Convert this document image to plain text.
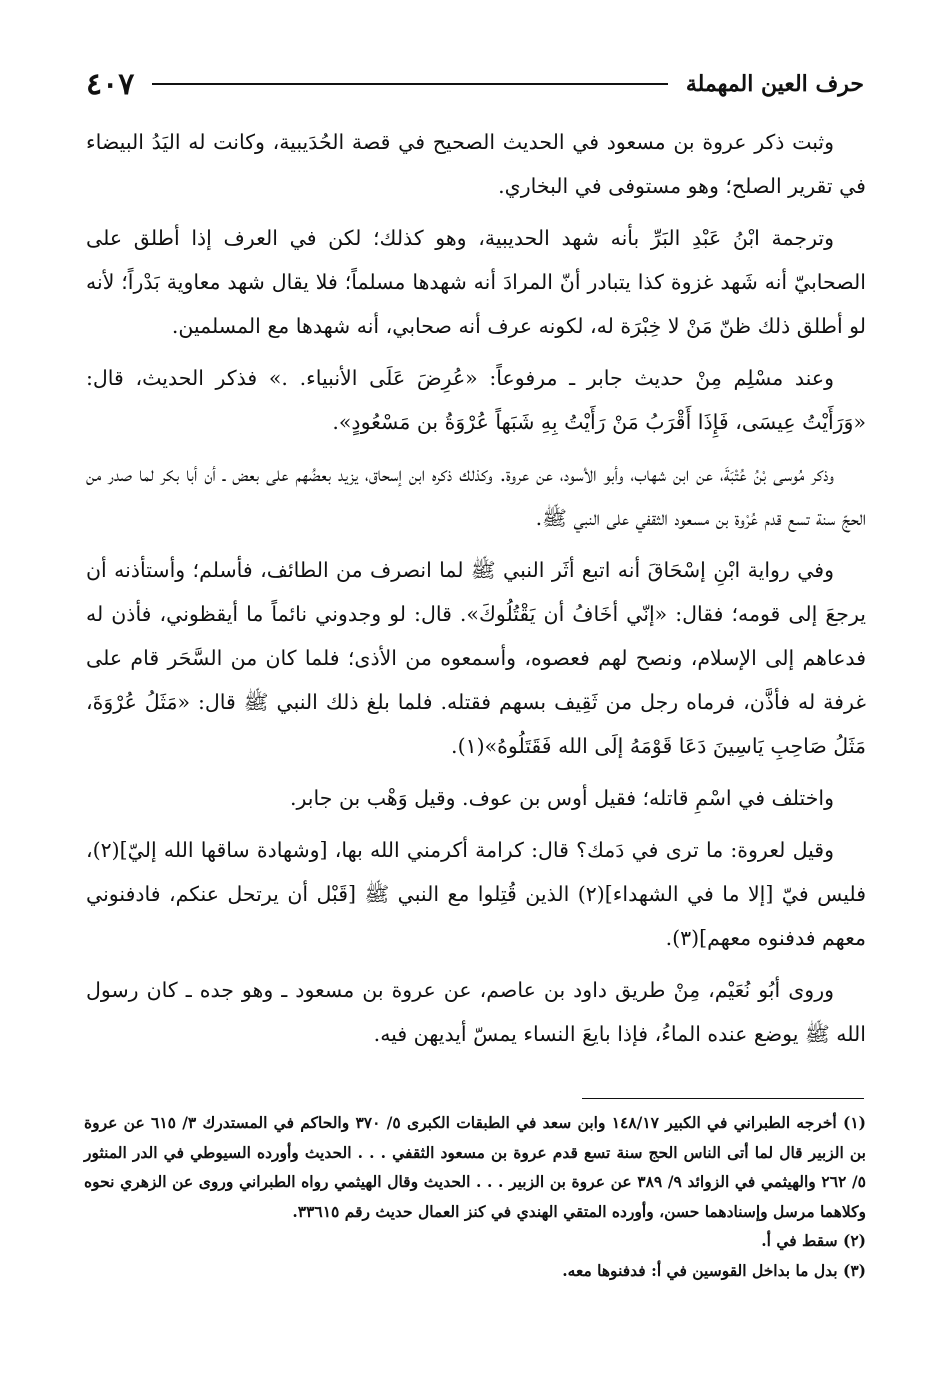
حرف العين المهملة
٤٠٧

وثبت ذكر عروة بن مسعود في الحديث الصحيح في قصة الحُدَيبية، وكانت له اليَدُ البيضاء في تقرير الصلح؛ وهو مستوفى في البخاري.

وترجمة ابْنُ عَبْدِ البَرِّ بأنه شهد الحديبية، وهو كذلك؛ لكن في العرف إذا أطلق على الصحابيّ أنه شَهد غزوة كذا يتبادر أنّ المرادَ أنه شهدها مسلماً؛ فلا يقال شهد معاوية بَدْراً؛ لأنه لو أطلق ذلك ظنّ مَنْ لا خِبْرَة له، لكونه عرف أنه صحابي، أنه شهدها مع المسلمين.

وعند مسْلِم مِنْ حديث جابر ـ مرفوعاً: «عُرِضَ عَلَى الأنبياء. .» فذكر الحديث، قال: «وَرَأَيْتُ عِيسَى، فَإِذَا أَقْرَبُ مَنْ رَأَيْتُ بِهِ شَبَهاً عُرْوَةُ بن مَسْعُودٍ».

وذكر مُوسى بْنُ عُتْبَةَ، عن ابن شهاب، وأبو الأسود، عن عروة. وكذلك ذكره ابن إسحاق، يزيد بعضُهم على بعض ـ أن أبا بكر لما صدر من الحجّ سنة تسع قدم عُرْوة بن مسعود الثقفي على النبي ﷺ.

وفي رواية ابْنِ إسْحَاقَ أنه اتبع أثَر النبي ﷺ لما انصرف من الطائف، فأسلم؛ وأستأذنه أن يرجعَ إلى قومه؛ فقال: «إنّي أخَافُ أن يَقْتُلُوكَ». قال: لو وجدوني نائماً ما أيقظوني، فأذن له فدعاهم إلى الإسلام، ونصح لهم فعصوه، وأسمعوه من الأذى؛ فلما كان من السَّحَر قام على غرفة له فأذَّن، فرماه رجل من ثَقِيف بسهم فقتله. فلما بلغ ذلك النبي ﷺ قال: «مَثَلُ عُرْوَةَ، مَثَلُ صَاحِبِ يَاسِينَ دَعَا قَوْمَهُ إلَى الله فَقَتَلُوهُ»(١).

واختلف في اسْمِ قاتله؛ فقيل أوس بن عوف. وقيل وَهْب بن جابر.

وقيل لعروة: ما ترى في دَمك؟ قال: كرامة أكرمني الله بها، [وشهادة ساقها الله إليّ](٢)، فليس فيّ [إلا ما في الشهداء](٢) الذين قُتِلوا مع النبي ﷺ [قَبْل أن يرتحل عنكم، فادفنوني معهم فدفنوه معهم](٣).

وروى أبُو نُعَيْم، مِنْ طريق داود بن عاصم، عن عروة بن مسعود ـ وهو جده ـ كان رسول الله ﷺ يوضع عنده الماءُ، فإذا بايعَ النساء يمسّ أيديهن فيه.

(١) أخرجه الطبراني في الكبير ١٤٨/١٧ وابن سعد في الطبقات الكبرى ٥/ ٣٧٠ والحاكم في المستدرك ٣/ ٦١٥ عن عروة بن الزبير قال لما أتى الناس الحج سنة تسع قدم عروة بن مسعود الثقفي . . . الحديث وأورده السيوطي في الدر المنثور ٥/ ٢٦٢ والهيثمي في الزوائد ٩/ ٣٨٩ عن عروة بن الزبير . . . الحديث وقال الهيثمي رواه الطبراني وروى عن الزهري نحوه وكلاهما مرسل وإسنادهما حسن، وأورده المتقي الهندي في كنز العمال حديث رقم ٣٣٦١٥.

(٢) سقط في أ.

(٣) بدل ما بداخل القوسين في أ: فدفنوها معه.
